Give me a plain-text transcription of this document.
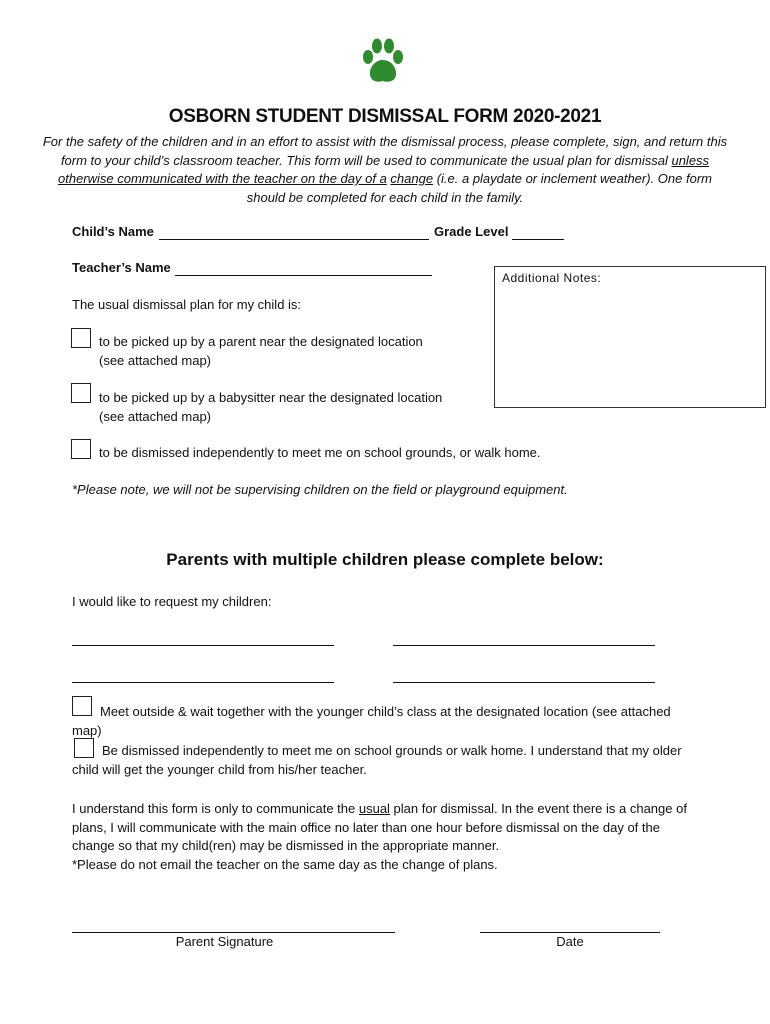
OSBORN STUDENT DISMISSAL FORM 2020-2021
For the safety of the children and in an effort to assist with the dismissal process, please complete, sign, and return this form to your child’s classroom teacher. This form will be used to communicate the usual plan for dismissal unless otherwise communicated with the teacher on the day of a change (i.e. a playdate or inclement weather). One form should be completed for each child in the family.
Child’s Name	Grade Level
Teacher’s Name
Additional Notes:
The usual dismissal plan for my child is:
to be picked up by a parent near the designated location
(see attached map)
to be picked up by a babysitter near the designated location
(see attached map)
to be dismissed independently to meet me on school grounds, or walk home.
*Please note, we will not be supervising children on the field or playground equipment.
Parents with multiple children please complete below:
I would like to request my children:
Meet outside & wait together with the younger child’s class at the designated location (see attached
map)
Be dismissed independently to meet me on school grounds or walk home. I understand that my older
child will get the younger child from his/her teacher.
I understand this form is only to communicate the usual plan for dismissal. In the event there is a change of
plans, I will communicate with the main office no later than one hour before dismissal on the day of the
change so that my child(ren) may be dismissed in the appropriate manner.
*Please do not email the teacher on the same day as the change of plans.
Parent Signature	Date
